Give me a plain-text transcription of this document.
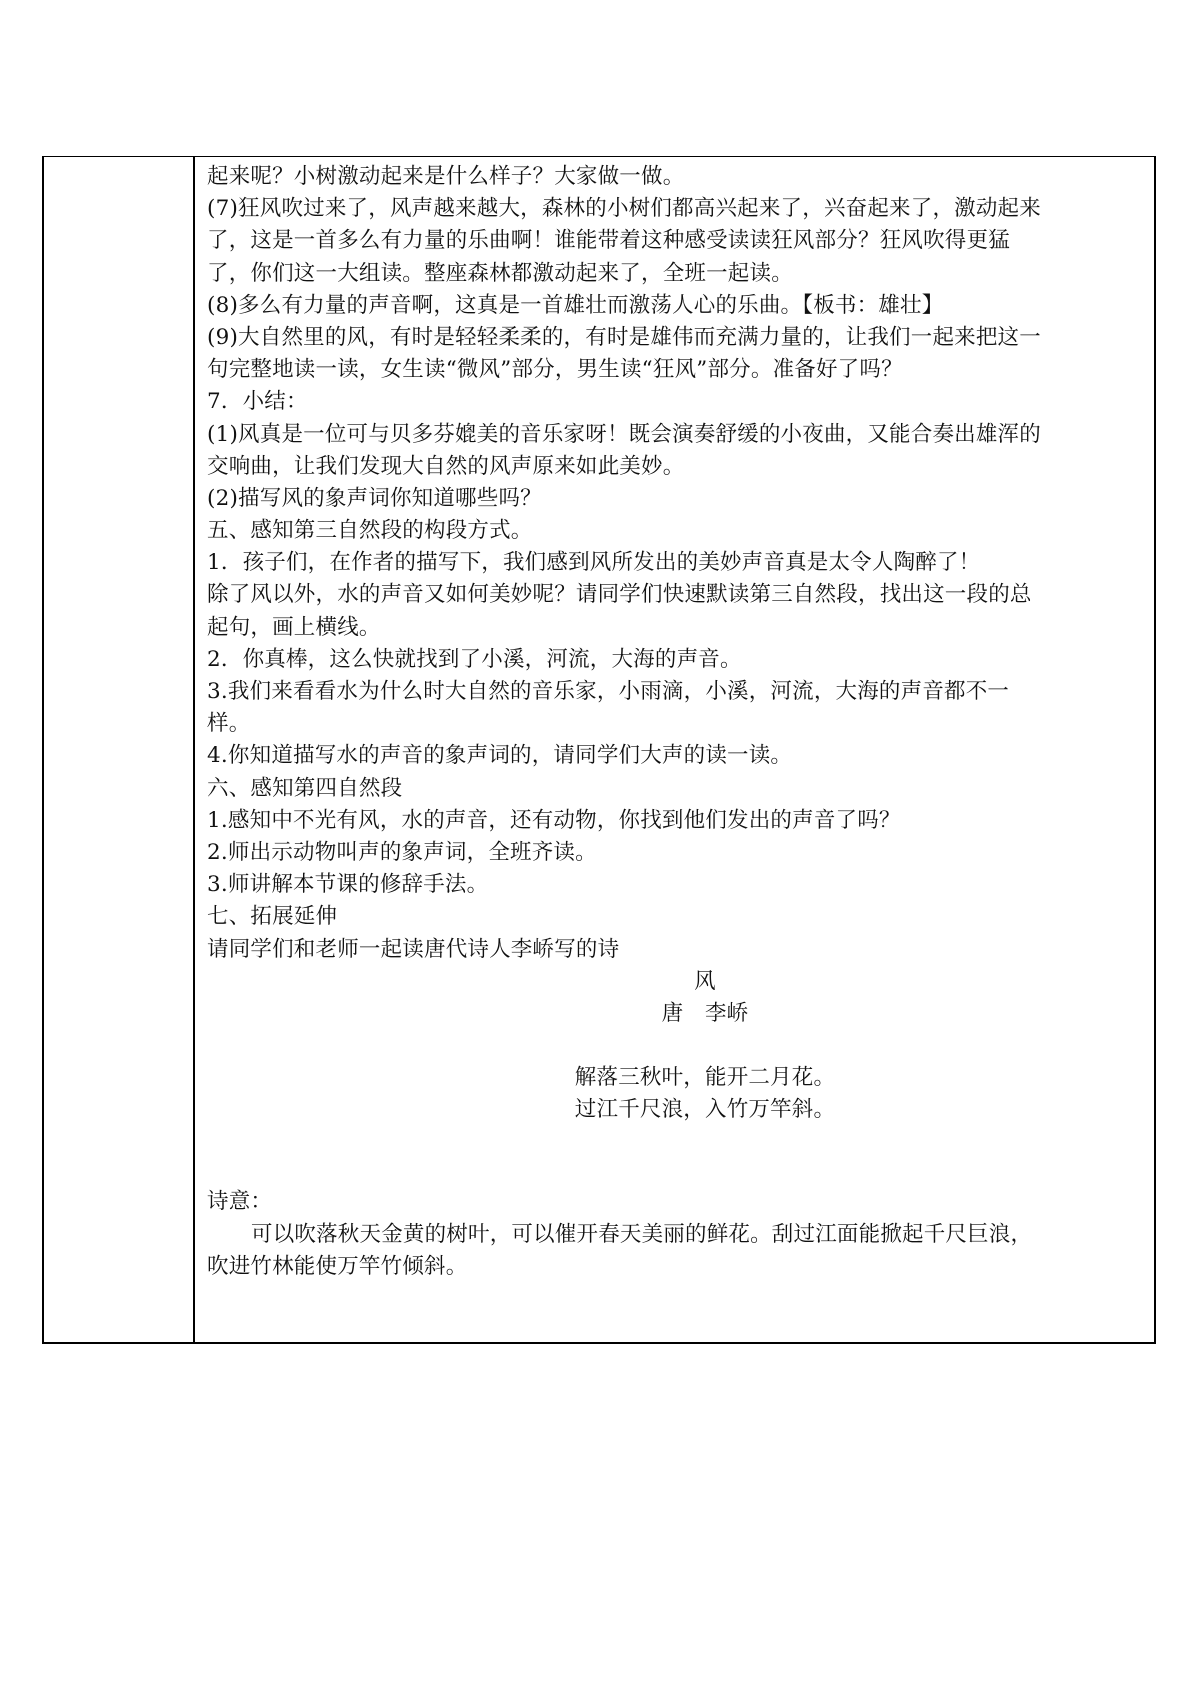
起来呢？小树激动起来是什么样子？大家做一做。
(7)狂风吹过来了，风声越来越大，森林的小树们都高兴起来了，兴奋起来了，激动起来
了，这是一首多么有力量的乐曲啊！谁能带着这种感受读读狂风部分？狂风吹得更猛
了，你们这一大组读。整座森林都激动起来了，全班一起读。
(8)多么有力量的声音啊，这真是一首雄壮而激荡人心的乐曲。【板书：雄壮】
(9)大自然里的风，有时是轻轻柔柔的，有时是雄伟而充满力量的，让我们一起来把这一
句完整地读一读，女生读“微风”部分，男生读“狂风”部分。准备好了吗？
7．小结：
(1)风真是一位可与贝多芬媲美的音乐家呀！既会演奏舒缓的小夜曲，又能合奏出雄浑的
交响曲，让我们发现大自然的风声原来如此美妙。
(2)描写风的象声词你知道哪些吗？
五、感知第三自然段的构段方式。
1．孩子们，在作者的描写下，我们感到风所发出的美妙声音真是太令人陶醉了！
除了风以外，水的声音又如何美妙呢？请同学们快速默读第三自然段，找出这一段的总
起句，画上横线。
2．你真棒，这么快就找到了小溪，河流，大海的声音。
3.我们来看看水为什么时大自然的音乐家，小雨滴，小溪，河流，大海的声音都不一
样。
4.你知道描写水的声音的象声词的，请同学们大声的读一读。
六、感知第四自然段
1.感知中不光有风，水的声音，还有动物，你找到他们发出的声音了吗？
2.师出示动物叫声的象声词，全班齐读。
3.师讲解本节课的修辞手法。
七、拓展延伸
请同学们和老师一起读唐代诗人李峤写的诗
风
唐　李峤
解落三秋叶，能开二月花。
过江千尺浪，入竹万竿斜。
诗意：
可以吹落秋天金黄的树叶，可以催开春天美丽的鲜花。刮过江面能掀起千尺巨浪，
吹进竹林能使万竿竹倾斜。
